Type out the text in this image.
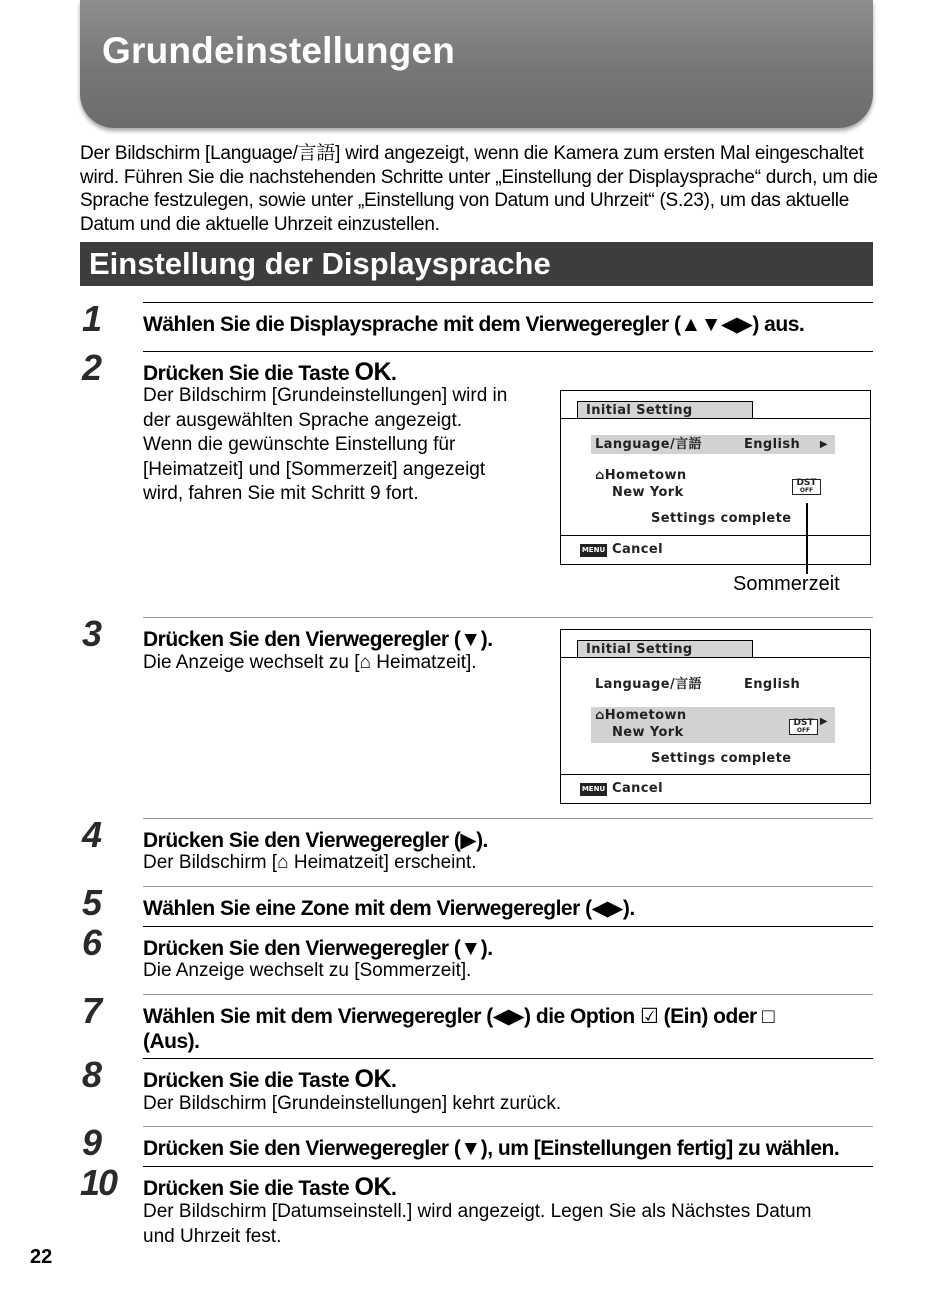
Grundeinstellungen
Der Bildschirm [Language/言語] wird angezeigt, wenn die Kamera zum ersten Mal eingeschaltet wird. Führen Sie die nachstehenden Schritte unter „Einstellung der Displaysprache“ durch, um die Sprache festzulegen, sowie unter „Einstellung von Datum und Uhrzeit“ (S.23), um das aktuelle Datum und die aktuelle Uhrzeit einzustellen.
Einstellung der Displaysprache
1 Wählen Sie die Displaysprache mit dem Vierwegeregler (▲▼◀▶) aus.
2 Drücken Sie die Taste OK.
Der Bildschirm [Grundeinstellungen] wird in
der ausgewählten Sprache angezeigt.
Wenn die gewünschte Einstellung für
[Heimatzeit] und [Sommerzeit] angezeigt
wird, fahren Sie mit Schritt 9 fort.
Initial Setting
Language/言語	English ▶
⌂Hometown
New York
DST
OFF
Settings complete
MENU Cancel
Sommerzeit
3 Drücken Sie den Vierwegeregler (▼).
Die Anzeige wechselt zu [⌂ Heimatzeit].
Initial Setting
Language/言語	English
⌂Hometown
New York
DST
OFF
▶
Settings complete
MENU Cancel
4 Drücken Sie den Vierwegeregler (▶).
Der Bildschirm [⌂ Heimatzeit] erscheint.
5 Wählen Sie eine Zone mit dem Vierwegeregler (◀▶).
6 Drücken Sie den Vierwegeregler (▼).
Die Anzeige wechselt zu [Sommerzeit].
7 Wählen Sie mit dem Vierwegeregler (◀▶) die Option ☑ (Ein) oder □
(Aus).
8 Drücken Sie die Taste OK.
Der Bildschirm [Grundeinstellungen] kehrt zurück.
9 Drücken Sie den Vierwegeregler (▼), um [Einstellungen fertig] zu wählen.
10 Drücken Sie die Taste OK.
Der Bildschirm [Datumseinstell.] wird angezeigt. Legen Sie als Nächstes Datum
und Uhrzeit fest.
22
